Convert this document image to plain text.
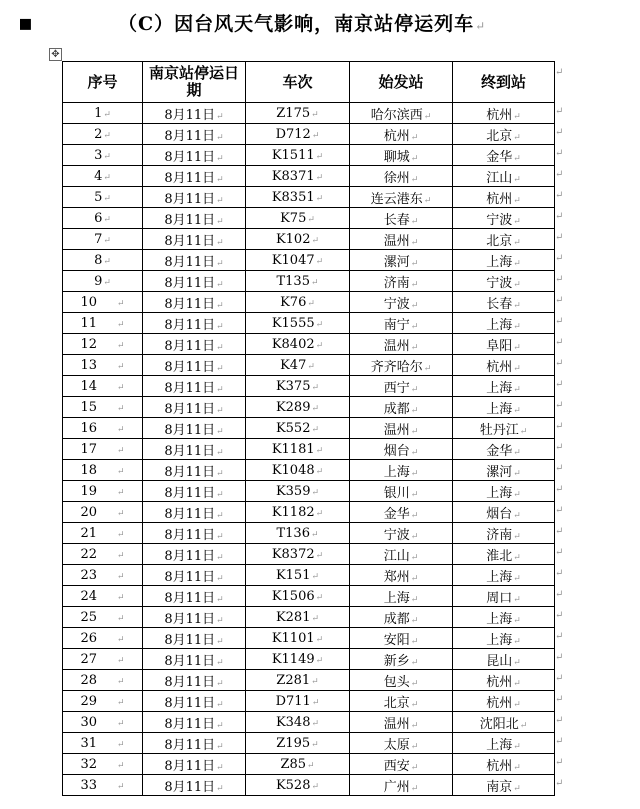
▪	（C）因台风天气影响，南京站停运列车↵
✥
序号	南京站停运日期	车次	始发站	终到站
1↵	8月11日↵	Z175↵	哈尔滨西↵	杭州↵
2↵	8月11日↵	D712↵	杭州↵	北京↵
3↵	8月11日↵	K1511↵	聊城↵	金华↵
4↵	8月11日↵	K8371↵	徐州↵	江山↵
5↵	8月11日↵	K8351↵	连云港东↵	杭州↵
6↵	8月11日↵	K75↵	长春↵	宁波↵
7↵	8月11日↵	K102↵	温州↵	北京↵
8↵	8月11日↵	K1047↵	漯河↵	上海↵
9↵	8月11日↵	T135↵	济南↵	宁波↵
10 ↵	8月11日↵	K76↵	宁波↵	长春↵
11 ↵	8月11日↵	K1555↵	南宁↵	上海↵
12 ↵	8月11日↵	K8402↵	温州↵	阜阳↵
13 ↵	8月11日↵	K47↵	齐齐哈尔↵	杭州↵
14 ↵	8月11日↵	K375↵	西宁↵	上海↵
15 ↵	8月11日↵	K289↵	成都↵	上海↵
16 ↵	8月11日↵	K552↵	温州↵	牡丹江↵
17 ↵	8月11日↵	K1181↵	烟台↵	金华↵
18 ↵	8月11日↵	K1048↵	上海↵	漯河↵
19 ↵	8月11日↵	K359↵	银川↵	上海↵
20 ↵	8月11日↵	K1182↵	金华↵	烟台↵
21 ↵	8月11日↵	T136↵	宁波↵	济南↵
22 ↵	8月11日↵	K8372↵	江山↵	淮北↵
23 ↵	8月11日↵	K151↵	郑州↵	上海↵
24 ↵	8月11日↵	K1506↵	上海↵	周口↵
25 ↵	8月11日↵	K281↵	成都↵	上海↵
26 ↵	8月11日↵	K1101↵	安阳↵	上海↵
27 ↵	8月11日↵	K1149↵	新乡↵	昆山↵
28 ↵	8月11日↵	Z281↵	包头↵	杭州↵
29 ↵	8月11日↵	D711↵	北京↵	杭州↵
30 ↵	8月11日↵	K348↵	温州↵	沈阳北↵
31 ↵	8月11日↵	Z195↵	太原↵	上海↵
32 ↵	8月11日↵	Z85↵	西安↵	杭州↵
33 ↵	8月11日↵	K528↵	广州↵	南京↵
↵
↵
↵
↵
↵
↵
↵
↵
↵
↵
↵
↵
↵
↵
↵
↵
↵
↵
↵
↵
↵
↵
↵
↵
↵
↵
↵
↵
↵
↵
↵
↵
↵
↵
